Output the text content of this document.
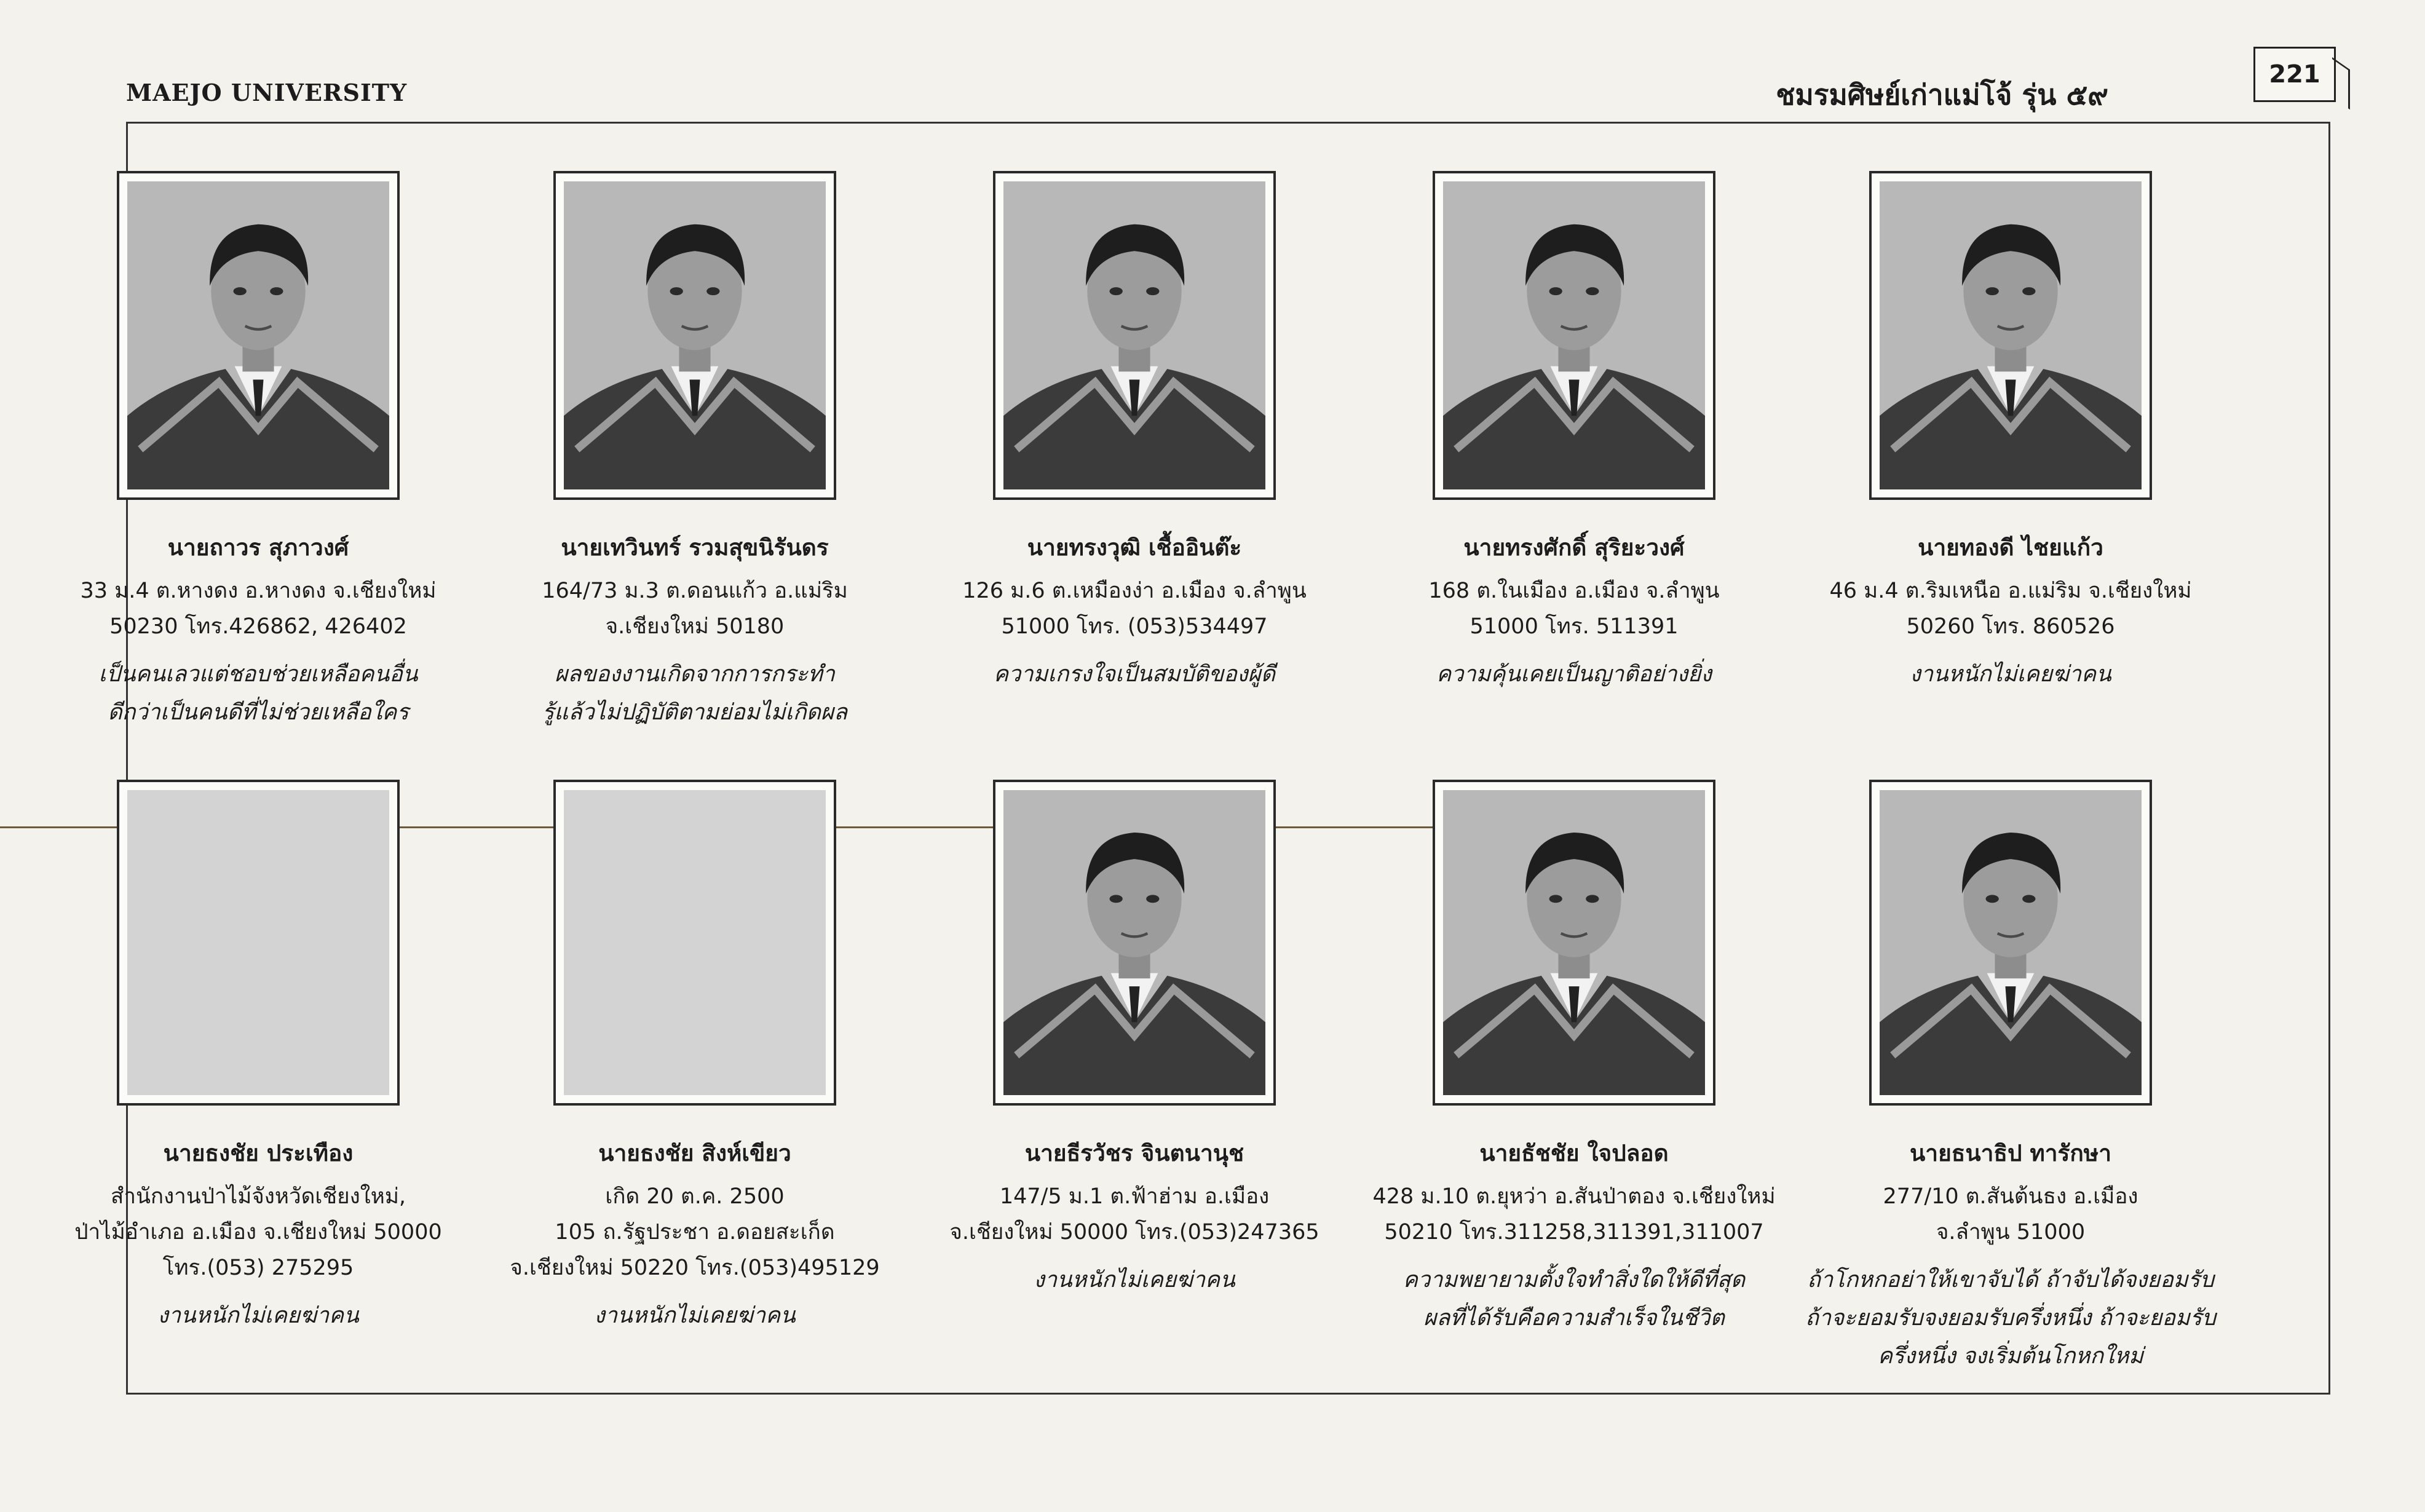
MAEJO UNIVERSITY	ชมรมศิษย์เก่าแม่โจ้ รุ่น ๕๙
221
นายถาวร สุภาวงศ์
33 ม.4 ต.หางดง อ.หางดง จ.เชียงใหม่
50230 โทร.426862, 426402
เป็นคนเลวแต่ชอบช่วยเหลือคนอื่น
ดีกว่าเป็นคนดีที่ไม่ช่วยเหลือใคร
นายเทวินทร์ รวมสุขนิรันดร
164/73 ม.3 ต.ดอนแก้ว อ.แม่ริม
จ.เชียงใหม่ 50180
ผลของงานเกิดจากการกระทำ
รู้แล้วไม่ปฏิบัติตามย่อมไม่เกิดผล
นายทรงวุฒิ เชื้ออินต๊ะ
126 ม.6 ต.เหมืองง่า อ.เมือง จ.ลำพูน
51000 โทร. (053)534497
ความเกรงใจเป็นสมบัติของผู้ดี
นายทรงศักดิ์ สุริยะวงศ์
168 ต.ในเมือง อ.เมือง จ.ลำพูน
51000 โทร. 511391
ความคุ้นเคยเป็นญาติอย่างยิ่ง
นายทองดี ไชยแก้ว
46 ม.4 ต.ริมเหนือ อ.แม่ริม จ.เชียงใหม่
50260 โทร. 860526
งานหนักไม่เคยฆ่าคน
นายธงชัย ประเทือง
สำนักงานป่าไม้จังหวัดเชียงใหม่,
ป่าไม้อำเภอ อ.เมือง จ.เชียงใหม่ 50000
โทร.(053) 275295
งานหนักไม่เคยฆ่าคน
นายธงชัย สิงห์เขียว
เกิด 20 ต.ค. 2500
105 ถ.รัฐประชา อ.ดอยสะเก็ด
จ.เชียงใหม่ 50220 โทร.(053)495129
งานหนักไม่เคยฆ่าคน
นายธีรวัชร จินตนานุช
147/5 ม.1 ต.ฟ้าฮ่าม อ.เมือง
จ.เชียงใหม่ 50000 โทร.(053)247365
งานหนักไม่เคยฆ่าคน
นายธัชชัย ใจปลอด
428 ม.10 ต.ยุหว่า อ.สันป่าตอง จ.เชียงใหม่
50210 โทร.311258,311391,311007
ความพยายามตั้งใจทำสิ่งใดให้ดีที่สุด
ผลที่ได้รับคือความสำเร็จในชีวิต
นายธนาธิป ทารักษา
277/10 ต.สันต้นธง อ.เมือง
จ.ลำพูน 51000
ถ้าโกหกอย่าให้เขาจับได้ ถ้าจับได้จงยอมรับ
ถ้าจะยอมรับจงยอมรับครึ่งหนึ่ง ถ้าจะยอมรับ
ครึ่งหนึ่ง จงเริ่มต้นโกหกใหม่
